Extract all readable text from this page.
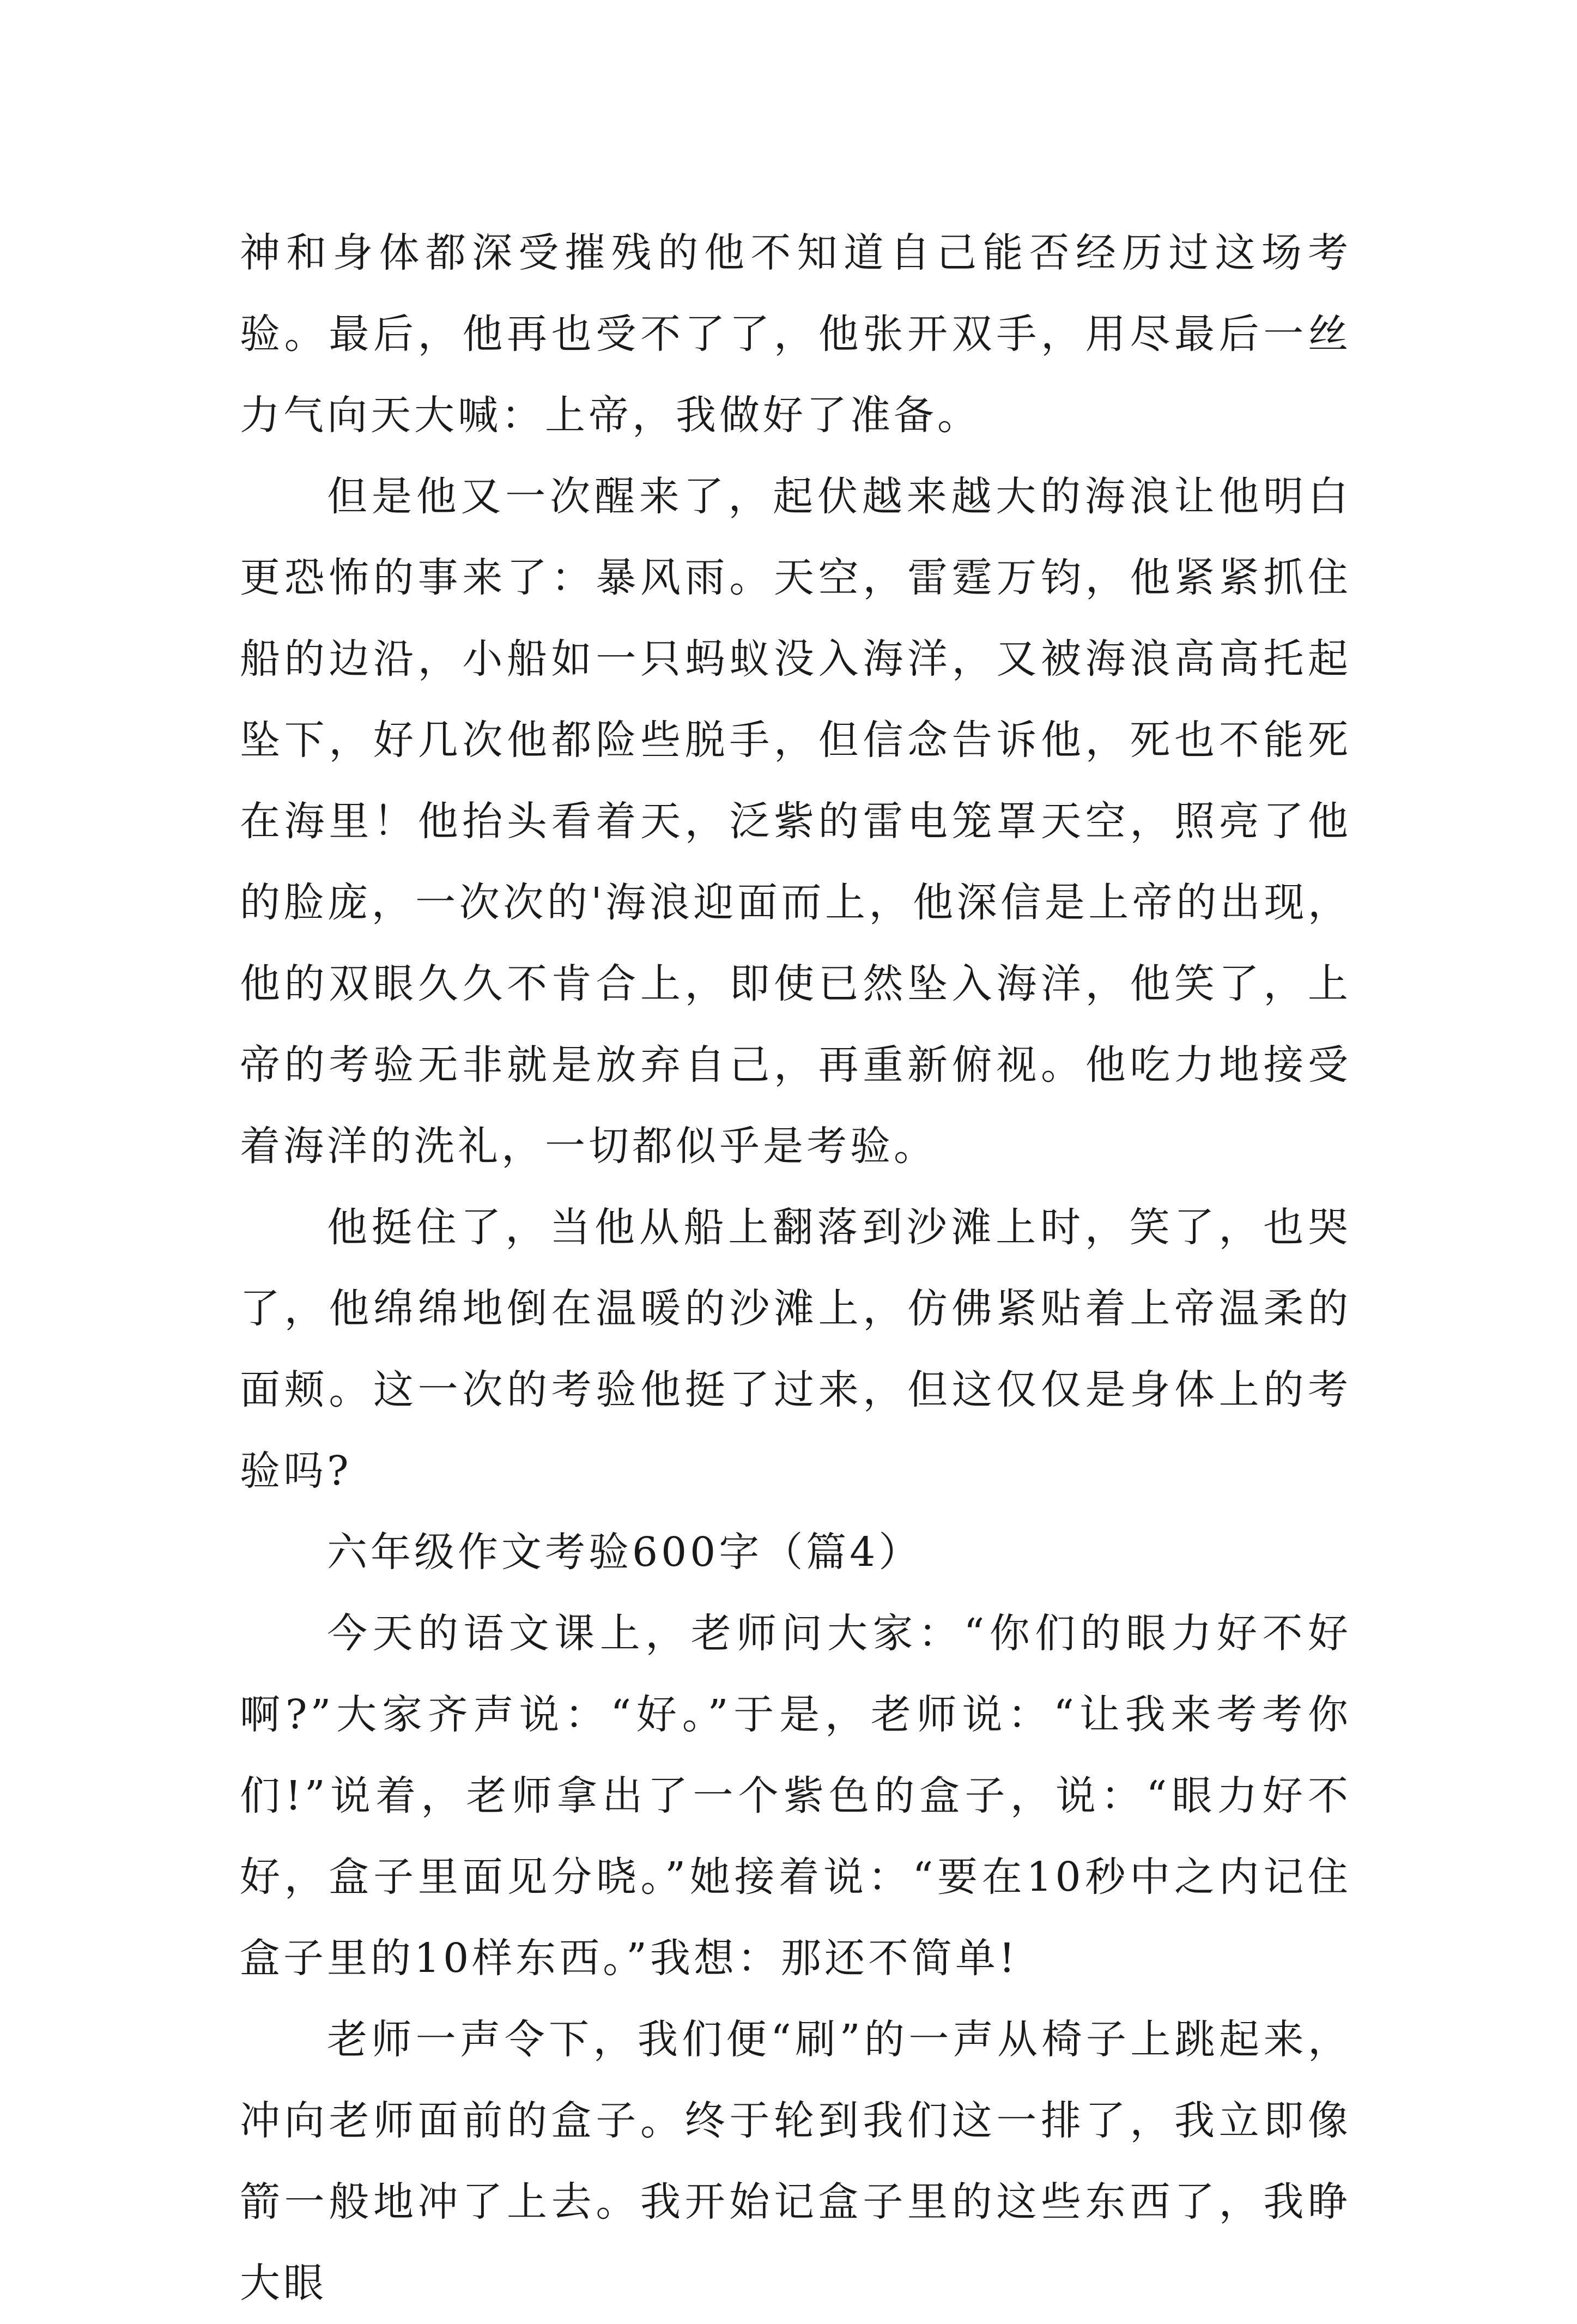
神和身体都深受摧残的他不知道自己能否经历过这场考验。最后，他再也受不了了，他张开双手，用尽最后一丝力气向天大喊：上帝，我做好了准备。

但是他又一次醒来了，起伏越来越大的海浪让他明白更恐怖的事来了：暴风雨。天空，雷霆万钧，他紧紧抓住船的边沿，小船如一只蚂蚁没入海洋，又被海浪高高托起坠下，好几次他都险些脱手，但信念告诉他，死也不能死在海里！他抬头看着天，泛紫的雷电笼罩天空，照亮了他的脸庞，一次次的'海浪迎面而上，他深信是上帝的出现，他的双眼久久不肯合上，即使已然坠入海洋，他笑了，上帝的考验无非就是放弃自己，再重新俯视。他吃力地接受着海洋的洗礼，一切都似乎是考验。

他挺住了，当他从船上翻落到沙滩上时，笑了，也哭了，他绵绵地倒在温暖的沙滩上，仿佛紧贴着上帝温柔的面颊。这一次的考验他挺了过来，但这仅仅是身体上的考验吗?

六年级作文考验600字（篇4）

今天的语文课上，老师问大家：“你们的眼力好不好啊?”大家齐声说：“好。”于是，老师说：“让我来考考你们!”说着，老师拿出了一个紫色的盒子，说：“眼力好不好，盒子里面见分晓。”她接着说：“要在10秒中之内记住盒子里的10样东西。”我想：那还不简单!

老师一声令下，我们便“刷”的一声从椅子上跳起来，冲向老师面前的盒子。终于轮到我们这一排了，我立即像箭一般地冲了上去。我开始记盒子里的这些东西了，我睁大眼
